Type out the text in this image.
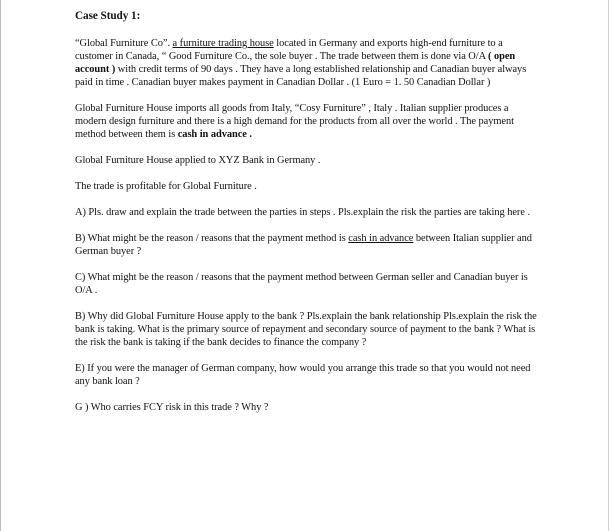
Case Study 1:

“Global Furniture Co”. a furniture trading house located in Germany and exports high-end furniture to a customer in Canada, “ Good Furniture Co., the sole buyer . The trade between them is done via O/A ( open account ) with credit terms of 90 days . They have a long established relationship and Canadian buyer always paid in time . Canadian buyer makes payment in Canadian Dollar . (1 Euro = 1. 50 Canadian Dollar )

Global Furniture House imports all goods from Italy, “Cosy Furniture” , Italy . Italian supplier produces a modern design furniture and there is a high demand for the products from all over the world . The payment method between them is cash in advance .

Global Furniture House applied to XYZ Bank in Germany .

The trade is profitable for Global Furniture .

A) Pls. draw and explain the trade between the parties in steps . Pls.explain the risk the parties are taking here .

B) What might be the reason / reasons that the payment method is cash in advance between Italian supplier and German buyer ?

C) What might be the reason / reasons that the payment method between German seller and Canadian buyer is O/A .

B) Why did Global Furniture House apply to the bank ? Pls.explain the bank relationship Pls.explain the risk the bank is taking. What is the primary source of repayment and secondary source of payment to the bank ? What is the risk the bank is taking if the bank decides to finance the company ?

E) If you were the manager of German company, how would you arrange this trade so that you would not need any bank loan ?

G ) Who carries FCY risk in this trade ? Why ?
